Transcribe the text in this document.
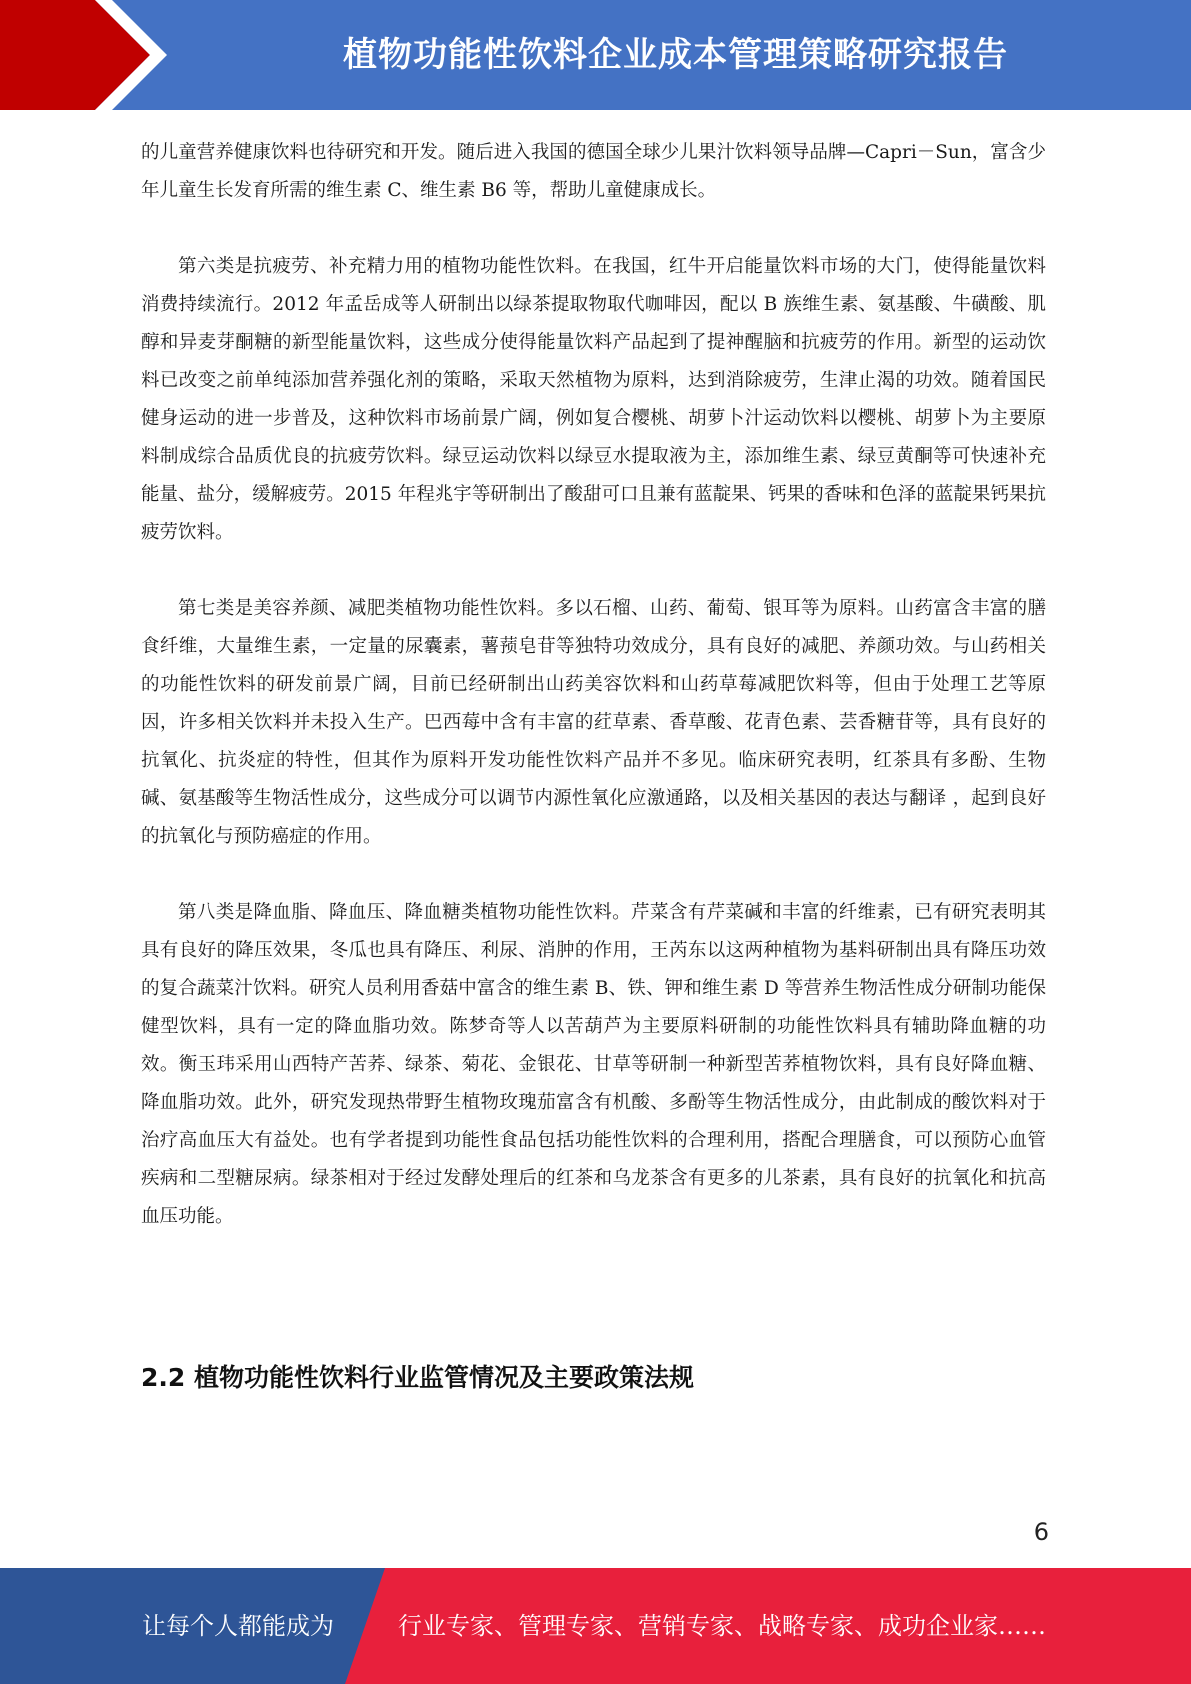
植物功能性饮料企业成本管理策略研究报告

的儿童营养健康饮料也待研究和开发。随后进入我国的德国全球少儿果汁饮料领导品牌—Capri－Sun，富含少年儿童生长发育所需的维生素 C、维生素 B6 等，帮助儿童健康成长。

第六类是抗疲劳、补充精力用的植物功能性饮料。在我国，红牛开启能量饮料市场的大门，使得能量饮料消费持续流行。2012 年孟岳成等人研制出以绿茶提取物取代咖啡因，配以 B 族维生素、氨基酸、牛磺酸、肌醇和异麦芽酮糖的新型能量饮料，这些成分使得能量饮料产品起到了提神醒脑和抗疲劳的作用。新型的运动饮料已改变之前单纯添加营养强化剂的策略，采取天然植物为原料，达到消除疲劳，生津止渴的功效。随着国民健身运动的进一步普及，这种饮料市场前景广阔，例如复合樱桃、胡萝卜汁运动饮料以樱桃、胡萝卜为主要原料制成综合品质优良的抗疲劳饮料。绿豆运动饮料以绿豆水提取液为主，添加维生素、绿豆黄酮等可快速补充能量、盐分，缓解疲劳。2015 年程兆宇等研制出了酸甜可口且兼有蓝靛果、钙果的香味和色泽的蓝靛果钙果抗疲劳饮料。

第七类是美容养颜、减肥类植物功能性饮料。多以石榴、山药、葡萄、银耳等为原料。山药富含丰富的膳食纤维，大量维生素，一定量的尿囊素，薯蓣皂苷等独特功效成分，具有良好的减肥、养颜功效。与山药相关的功能性饮料的研发前景广阔，目前已经研制出山药美容饮料和山药草莓减肥饮料等，但由于处理工艺等原因，许多相关饮料并未投入生产。巴西莓中含有丰富的荭草素、香草酸、花青色素、芸香糖苷等，具有良好的抗氧化、抗炎症的特性，但其作为原料开发功能性饮料产品并不多见。临床研究表明，红茶具有多酚、生物碱、氨基酸等生物活性成分，这些成分可以调节内源性氧化应激通路，以及相关基因的表达与翻译 ，起到良好的抗氧化与预防癌症的作用。

第八类是降血脂、降血压、降血糖类植物功能性饮料。芹菜含有芹菜碱和丰富的纤维素，已有研究表明其具有良好的降压效果，冬瓜也具有降压、利尿、消肿的作用，王芮东以这两种植物为基料研制出具有降压功效的复合蔬菜汁饮料。研究人员利用香菇中富含的维生素 B、铁、钾和维生素 D 等营养生物活性成分研制功能保健型饮料，具有一定的降血脂功效。陈梦奇等人以苦葫芦为主要原料研制的功能性饮料具有辅助降血糖的功效。衡玉玮采用山西特产苦荞、绿茶、菊花、金银花、甘草等研制一种新型苦荞植物饮料，具有良好降血糖、降血脂功效。此外，研究发现热带野生植物玫瑰茄富含有机酸、多酚等生物活性成分，由此制成的酸饮料对于治疗高血压大有益处。也有学者提到功能性食品包括功能性饮料的合理利用，搭配合理膳食，可以预防心血管疾病和二型糖尿病。绿茶相对于经过发酵处理后的红茶和乌龙茶含有更多的儿茶素，具有良好的抗氧化和抗高血压功能。

2.2 植物功能性饮料行业监管情况及主要政策法规
6
让每个人都能成为	行业专家、管理专家、营销专家、战略专家、成功企业家……
